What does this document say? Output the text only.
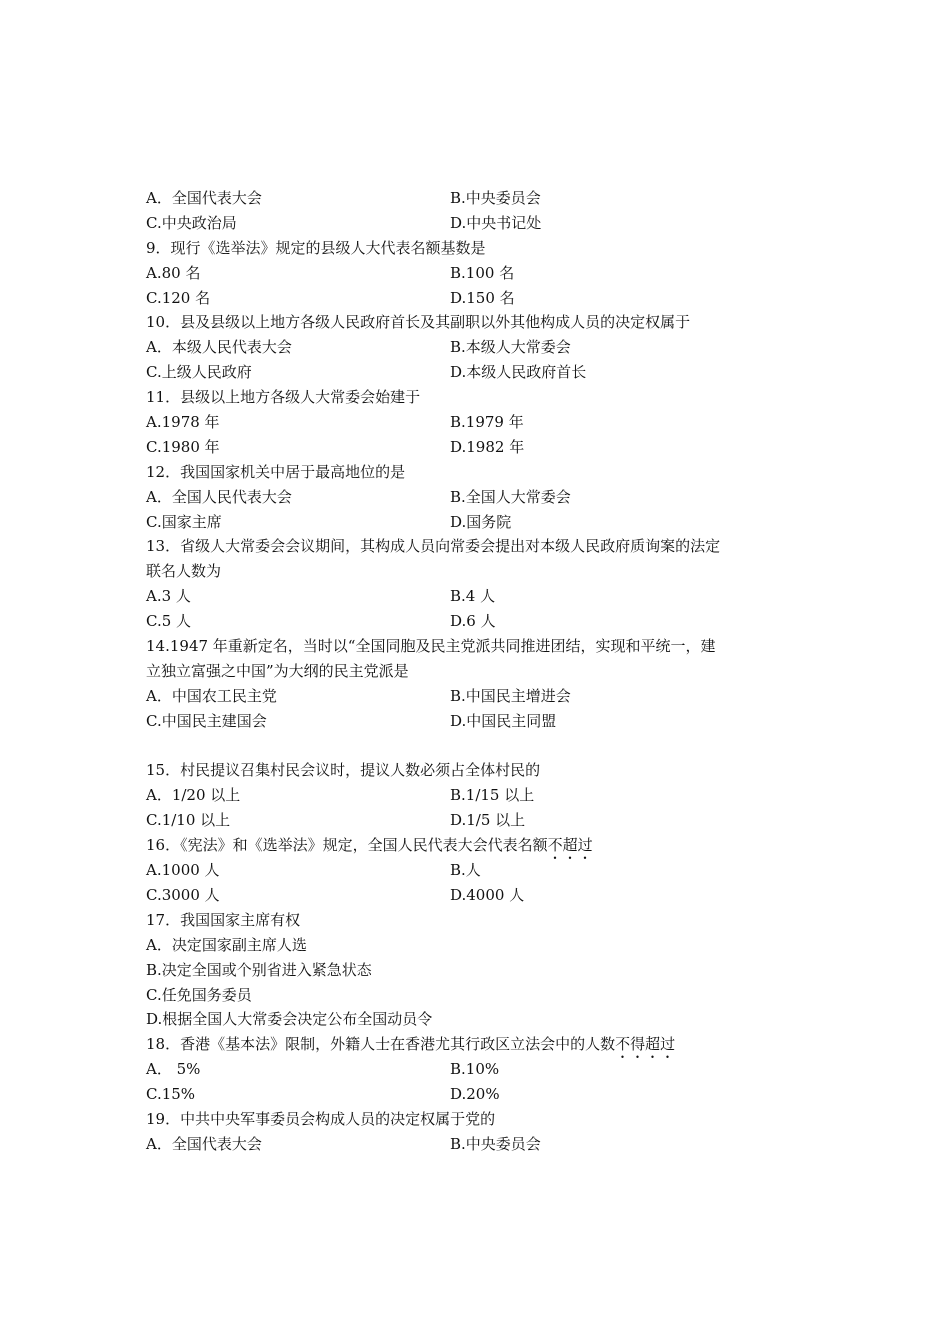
A．全国代表大会	B.中央委员会
C.中央政治局	D.中央书记处
9．现行《选举法》规定的县级人大代表名额基数是
A.80 名	B.100 名
C.120 名	D.150 名
10．县及县级以上地方各级人民政府首长及其副职以外其他构成人员的决定权属于
A．本级人民代表大会	B.本级人大常委会
C.上级人民政府	D.本级人民政府首长
11．县级以上地方各级人大常委会始建于
A.1978 年	B.1979 年
C.1980 年	D.1982 年
12．我国国家机关中居于最高地位的是
A．全国人民代表大会	B.全国人大常委会
C.国家主席	D.国务院
13．省级人大常委会会议期间，其构成人员向常委会提出对本级人民政府质询案的法定
联名人数为
A.3 人	B.4 人
C.5 人	D.6 人
14.1947 年重新定名，当时以“全国同胞及民主党派共同推进团结，实现和平统一，建
立独立富强之中国”为大纲的民主党派是
A．中国农工民主党	B.中国民主增进会
C.中国民主建国会	D.中国民主同盟
15．村民提议召集村民会议时，提议人数必须占全体村民的
A．1/20 以上	B.1/15 以上
C.1/10 以上	D.1/5 以上
16．《宪法》和《选举法》规定，全国人民代表大会代表名额不超过
A.1000 人	B.人
C.3000 人	D.4000 人
17．我国国家主席有权
A．决定国家副主席人选
B.决定全国或个别省进入紧急状态
C.任免国务委员
D.根据全国人大常委会决定公布全国动员令
18．香港《基本法》限制，外籍人士在香港尤其行政区立法会中的人数不得超过
A． 5%	B.10%
C.15%	D.20%
19．中共中央军事委员会构成人员的决定权属于党的
A．全国代表大会	B.中央委员会
